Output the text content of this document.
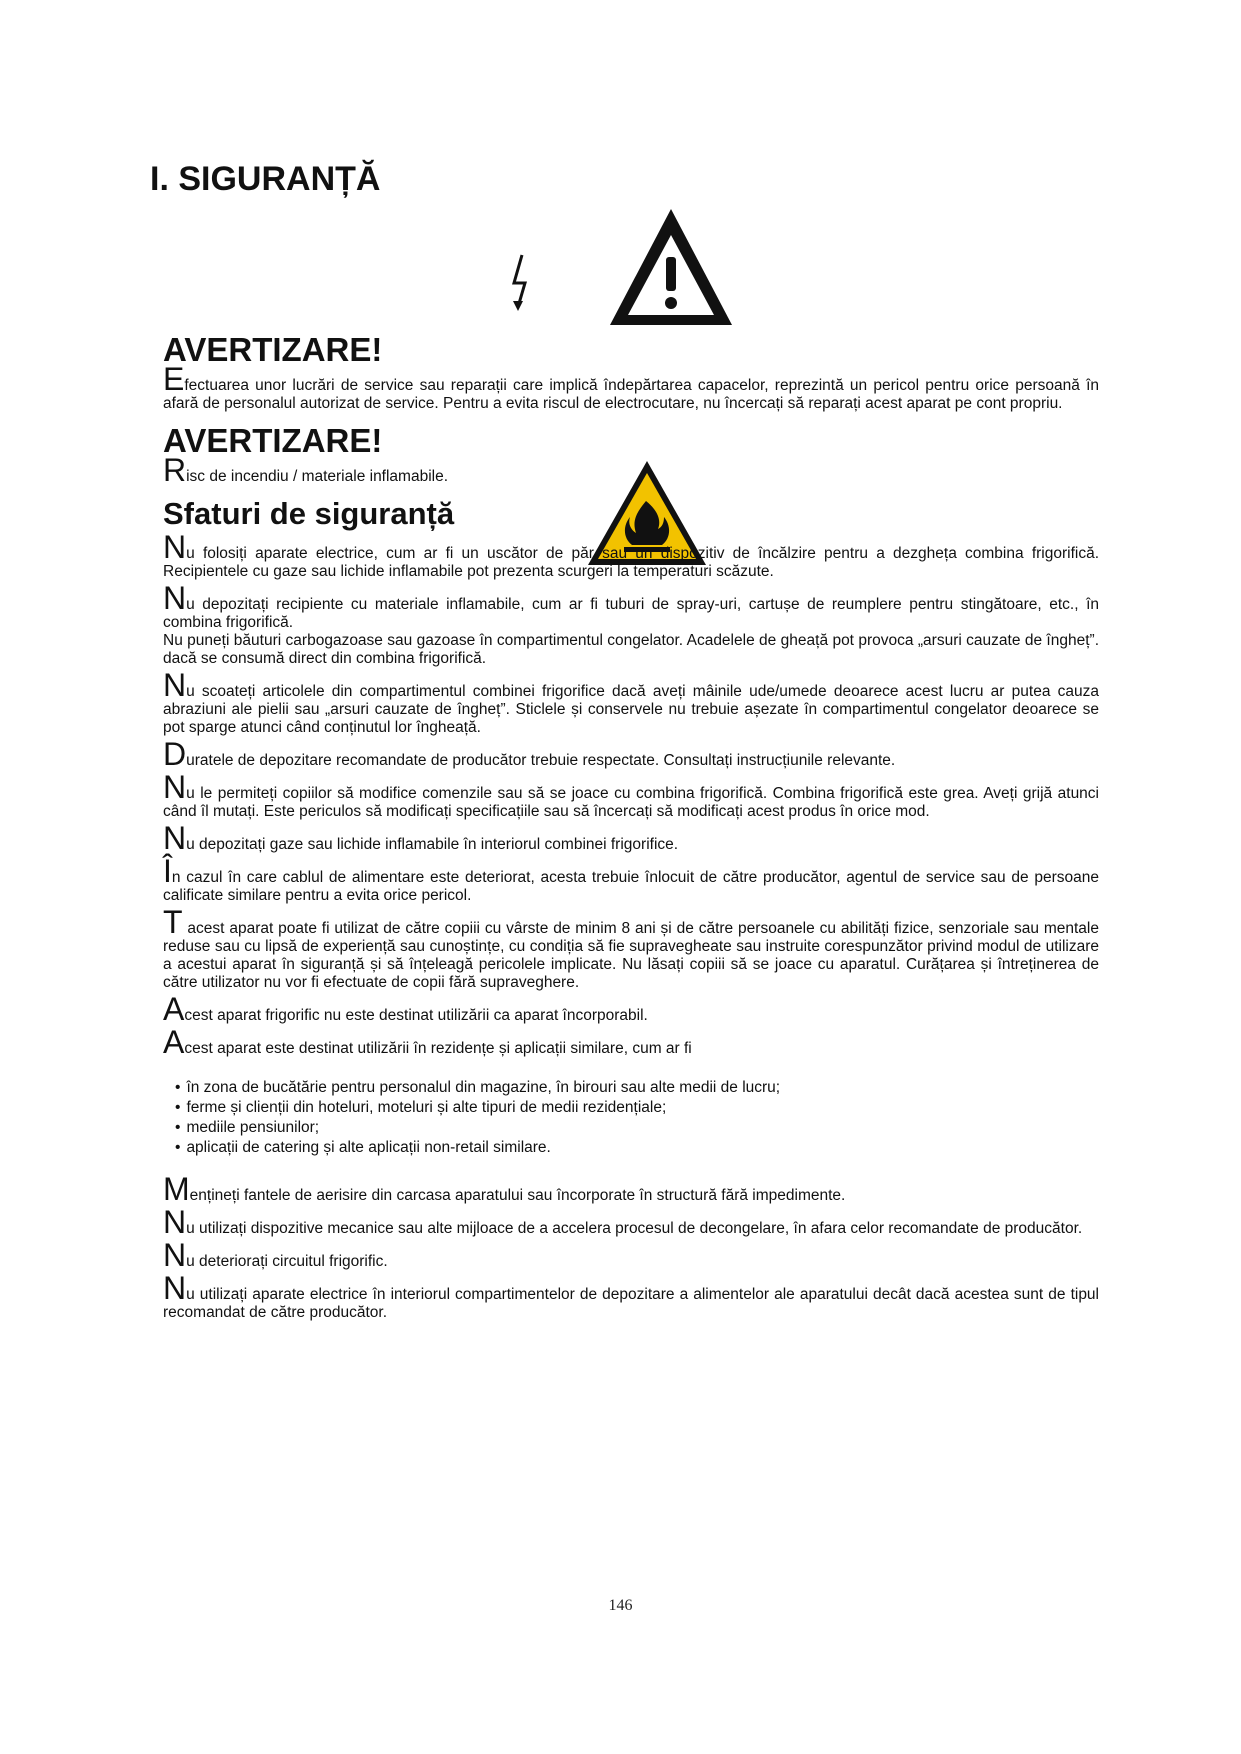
I. SIGURANȚĂ
AVERTIZARE!

Efectuarea unor lucrări de service sau reparații care implică îndepărtarea capacelor, reprezintă un pericol pentru orice persoană în afară de personalul autorizat de service. Pentru a evita riscul de electrocutare, nu încercați să reparați acest aparat pe cont propriu.

AVERTIZARE!

Risc de incendiu / materiale inflamabile.

Sfaturi de siguranță

Nu folosiți aparate electrice, cum ar fi un uscător de păr sau un dispozitiv de încălzire pentru a dezgheța combina frigorifică. Recipientele cu gaze sau lichide inflamabile pot prezenta scurgeri la temperaturi scăzute.

Nu depozitați recipiente cu materiale inflamabile, cum ar fi tuburi de spray-uri, cartușe de reumplere pentru stingătoare, etc., în combina frigorifică.
Nu puneți băuturi carbogazoase sau gazoase în compartimentul congelator. Acadelele de gheață pot provoca „arsuri cauzate de îngheț”. dacă se consumă direct din combina frigorifică.

Nu scoateți articolele din compartimentul combinei frigorifice dacă aveți mâinile ude/umede deoarece acest lucru ar putea cauza abraziuni ale pielii sau „arsuri cauzate de îngheț”. Sticlele și conservele nu trebuie așezate în compartimentul congelator deoarece se pot sparge atunci când conținutul lor îngheață.

Duratele de depozitare recomandate de producător trebuie respectate. Consultați instrucțiunile relevante.

Nu le permiteți copiilor să modifice comenzile sau să se joace cu combina frigorifică. Combina frigorifică este grea. Aveți grijă atunci când îl mutați. Este periculos să modificați specificațiile sau să încercați să modificați acest produs în orice mod.

Nu depozitați gaze sau lichide inflamabile în interiorul combinei frigorifice.

În cazul în care cablul de alimentare este deteriorat, acesta trebuie înlocuit de către producător, agentul de service sau de persoane calificate similare pentru a evita orice pericol.

T acest aparat poate fi utilizat de către copiii cu vârste de minim 8 ani și de către persoanele cu abilități fizice, senzoriale sau mentale reduse sau cu lipsă de experiență sau cunoștințe, cu condiția să fie supravegheate sau instruite corespunzător privind modul de utilizare a acestui aparat în siguranță și să înțeleagă pericolele implicate. Nu lăsați copiii să se joace cu aparatul. Curățarea și întreținerea de către utilizator nu vor fi efectuate de copii fără supraveghere.

Acest aparat frigorific nu este destinat utilizării ca aparat încorporabil.

Acest aparat este destinat utilizării în rezidențe și aplicații similare, cum ar fi

• în zona de bucătărie pentru personalul din magazine, în birouri sau alte medii de lucru;
• ferme și clienții din hoteluri, moteluri și alte tipuri de medii rezidențiale;
• mediile pensiunilor;
• aplicații de catering și alte aplicații non-retail similare.

Mențineți fantele de aerisire din carcasa aparatului sau încorporate în structură fără impedimente.

Nu utilizați dispozitive mecanice sau alte mijloace de a accelera procesul de decongelare, în afara celor recomandate de producător.

Nu deteriorați circuitul frigorific.

Nu utilizați aparate electrice în interiorul compartimentelor de depozitare a alimentelor ale aparatului decât dacă acestea sunt de tipul recomandat de către producător.

146
